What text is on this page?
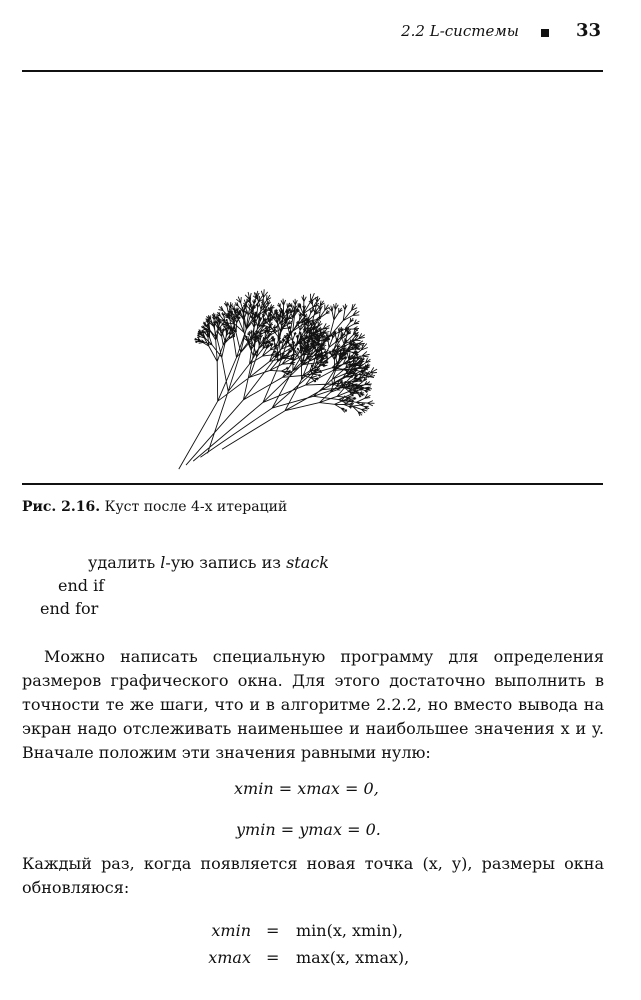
2.2 L-системы	33
Рис. 2.16. Куст после 4-х итераций
удалить l-ую запись из stack
end if
end for
Можно написать специальную программу для определения размеров графического окна. Для этого достаточно выполнить в точности те же шаги, что и в алгоритме 2.2.2, но вместо вывода на экран надо отслеживать наименьшее и наибольшее значения x и y. Вначале положим эти значения равными нулю:
xmin = xmax = 0,
ymin = ymax = 0.
Каждый раз, когда появляется новая точка (x, y), размеры окна обновляюся:
xmin = min(x, xmin),
xmax = max(x, xmax),
